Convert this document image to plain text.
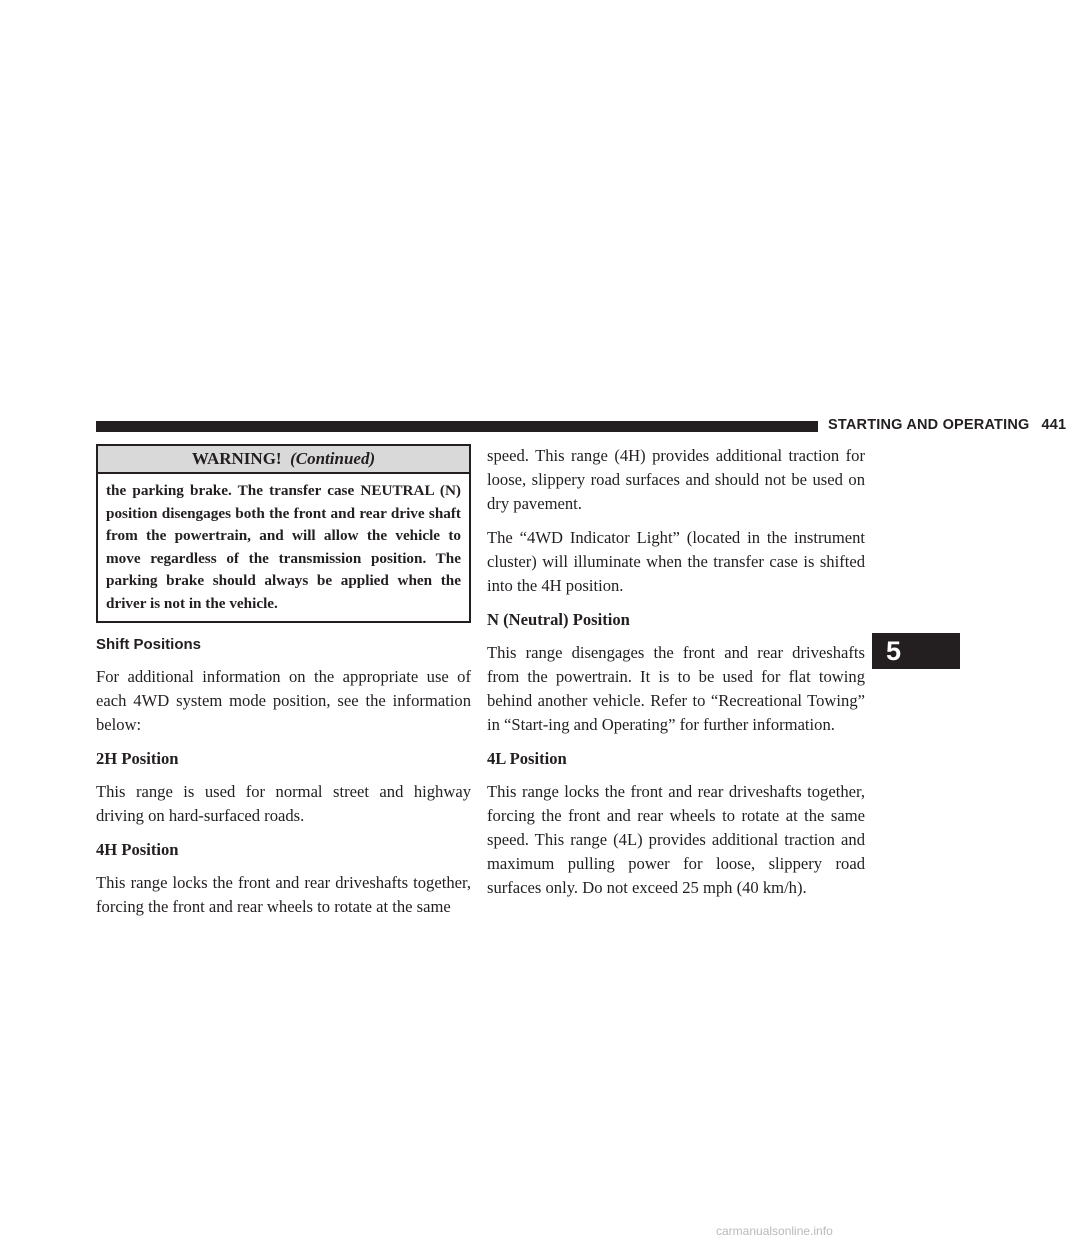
STARTING AND OPERATING 441
WARNING! (Continued)
the parking brake. The transfer case NEUTRAL (N) position disengages both the front and rear drive shaft from the powertrain, and will allow the vehicle to move regardless of the transmission position. The parking brake should always be applied when the driver is not in the vehicle.
Shift Positions

For additional information on the appropriate use of each 4WD system mode position, see the information below:

2H Position

This range is used for normal street and highway driving on hard-surfaced roads.

4H Position

This range locks the front and rear driveshafts together, forcing the front and rear wheels to rotate at the same

speed. This range (4H) provides additional traction for loose, slippery road surfaces and should not be used on dry pavement.

The “4WD Indicator Light” (located in the instrument cluster) will illuminate when the transfer case is shifted into the 4H position.

N (Neutral) Position

This range disengages the front and rear driveshafts from the powertrain. It is to be used for flat towing behind another vehicle. Refer to “Recreational Towing” in “Start-ing and Operating” for further information.

4L Position

This range locks the front and rear driveshafts together, forcing the front and rear wheels to rotate at the same speed. This range (4L) provides additional traction and maximum pulling power for loose, slippery road surfaces only. Do not exceed 25 mph (40 km/h).

5
carmanualsonline.info
